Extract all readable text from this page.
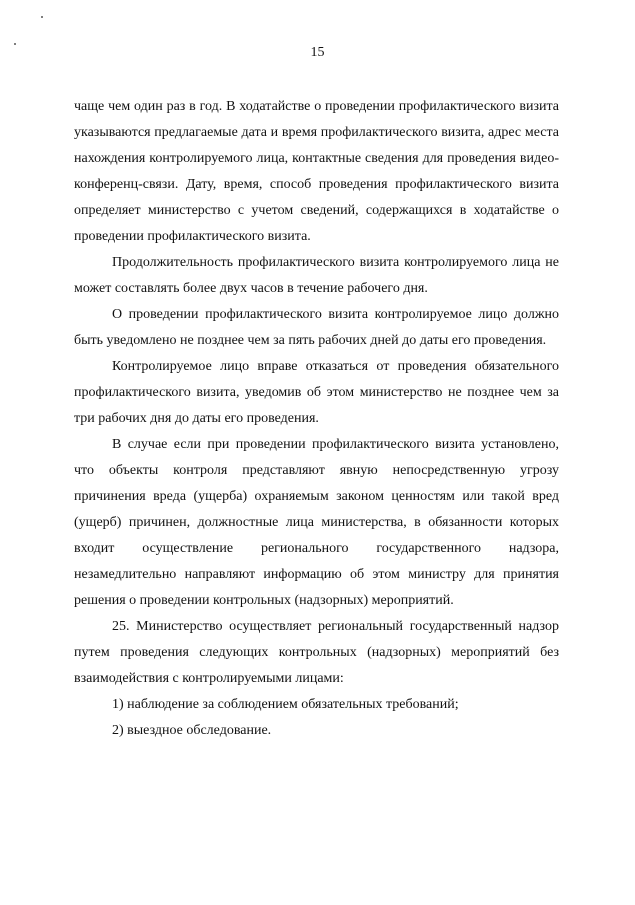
15

чаще чем один раз в год. В ходатайстве о проведении профилактического визита указываются предлагаемые дата и время профилактического визита, адрес места нахождения контролируемого лица, контактные сведения для проведения видео-конференц-связи. Дату, время, способ проведения профилактического визита определяет министерство с учетом сведений, содержащихся в ходатайстве о проведении профилактического визита.

Продолжительность профилактического визита контролируемого лица не может составлять более двух часов в течение рабочего дня.

О проведении профилактического визита контролируемое лицо должно быть уведомлено не позднее чем за пять рабочих дней до даты его проведения.

Контролируемое лицо вправе отказаться от проведения обязательного профилактического визита, уведомив об этом министерство не позднее чем за три рабочих дня до даты его проведения.

В случае если при проведении профилактического визита установлено, что объекты контроля представляют явную непосредственную угрозу причинения вреда (ущерба) охраняемым законом ценностям или такой вред (ущерб) причинен, должностные лица министерства, в обязанности которых входит осуществление регионального государственного надзора, незамедлительно направляют информацию об этом министру для принятия решения о проведении контрольных (надзорных) мероприятий.

25. Министерство осуществляет региональный государственный надзор путем проведения следующих контрольных (надзорных) мероприятий без взаимодействия с контролируемыми лицами:

1) наблюдение за соблюдением обязательных требований;

2) выездное обследование.
